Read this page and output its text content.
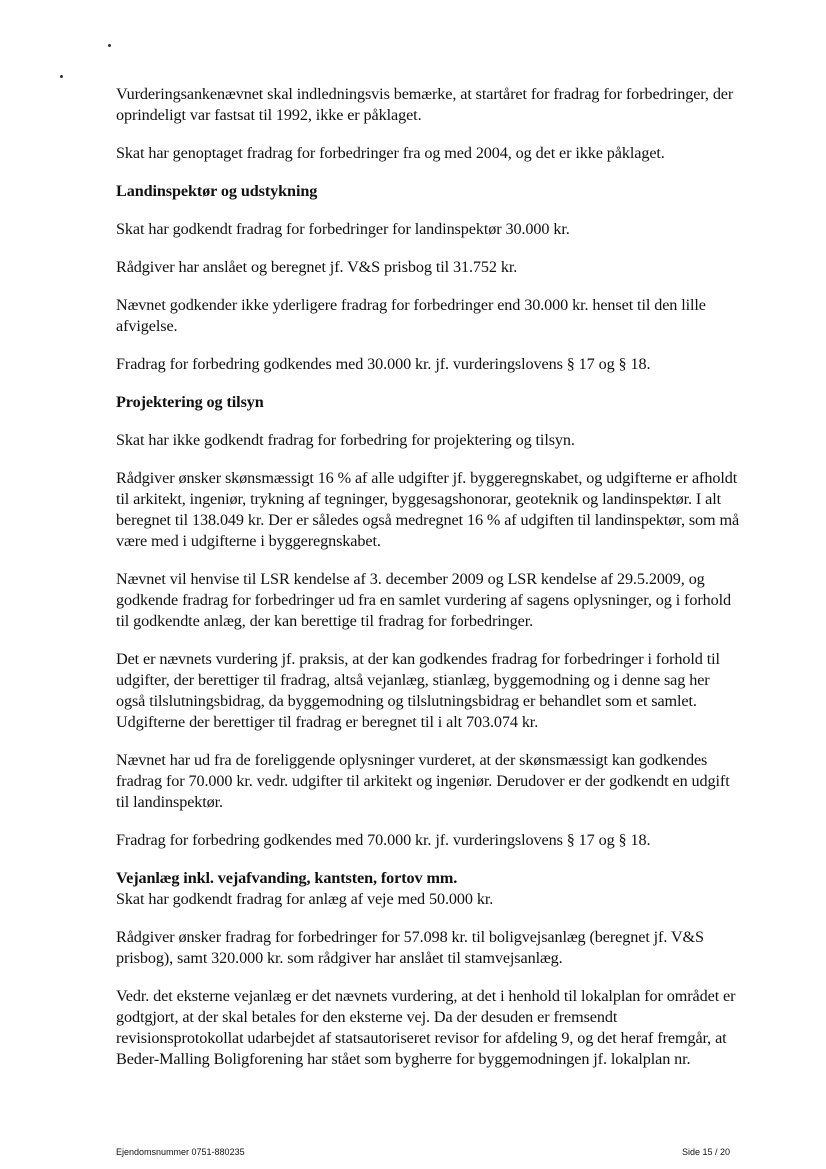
Vurderingsankenævnet skal indledningsvis bemærke, at startåret for fradrag for forbedringer, der oprindeligt var fastsat til 1992, ikke er påklaget.

Skat har genoptaget fradrag for forbedringer fra og med 2004, og det er ikke påklaget.

Landinspektør og udstykning

Skat har godkendt fradrag for forbedringer for landinspektør 30.000 kr.

Rådgiver har anslået og beregnet jf. V&S prisbog til 31.752 kr.

Nævnet godkender ikke yderligere fradrag for forbedringer end 30.000 kr. henset til den lille afvigelse.

Fradrag for forbedring godkendes med 30.000 kr. jf. vurderingslovens § 17 og § 18.

Projektering og tilsyn

Skat har ikke godkendt fradrag for forbedring for projektering og tilsyn.

Rådgiver ønsker skønsmæssigt 16 % af alle udgifter jf. byggeregnskabet, og udgifterne er afholdt til arkitekt, ingeniør, trykning af tegninger, byggesagshonorar, geoteknik og landinspektør. I alt beregnet til 138.049 kr. Der er således også medregnet 16 % af udgiften til landinspektør, som må være med i udgifterne i byggeregnskabet.

Nævnet vil henvise til LSR kendelse af 3. december 2009 og LSR kendelse af 29.5.2009, og godkende fradrag for forbedringer ud fra en samlet vurdering af sagens oplysninger, og i forhold til godkendte anlæg, der kan berettige til fradrag for forbedringer.

Det er nævnets vurdering jf. praksis, at der kan godkendes fradrag for forbedringer i forhold til udgifter, der berettiger til fradrag, altså vejanlæg, stianlæg, byggemodning og i denne sag her også tilslutningsbidrag, da byggemodning og tilslutningsbidrag er behandlet som et samlet. Udgifterne der berettiger til fradrag er beregnet til i alt 703.074 kr.

Nævnet har ud fra de foreliggende oplysninger vurderet, at der skønsmæssigt kan godkendes fradrag for 70.000 kr. vedr. udgifter til arkitekt og ingeniør. Derudover er der godkendt en udgift til landinspektør.

Fradrag for forbedring godkendes med 70.000 kr. jf. vurderingslovens § 17 og § 18.

Vejanlæg inkl. vejafvanding, kantsten, fortov mm.

Skat har godkendt fradrag for anlæg af veje med 50.000 kr.

Rådgiver ønsker fradrag for forbedringer for 57.098 kr. til boligvejsanlæg (beregnet jf. V&S prisbog), samt 320.000 kr. som rådgiver har anslået til stamvejsanlæg.

Vedr. det eksterne vejanlæg er det nævnets vurdering, at det i henhold til lokalplan for området er godtgjort, at der skal betales for den eksterne vej. Da der desuden er fremsendt revisionsprotokollat udarbejdet af statsautoriseret revisor for afdeling 9, og det heraf fremgår, at Beder-Malling Boligforening har stået som bygherre for byggemodningen jf. lokalplan nr.

Ejendomsnummer 0751-880235	Side 15 / 20
